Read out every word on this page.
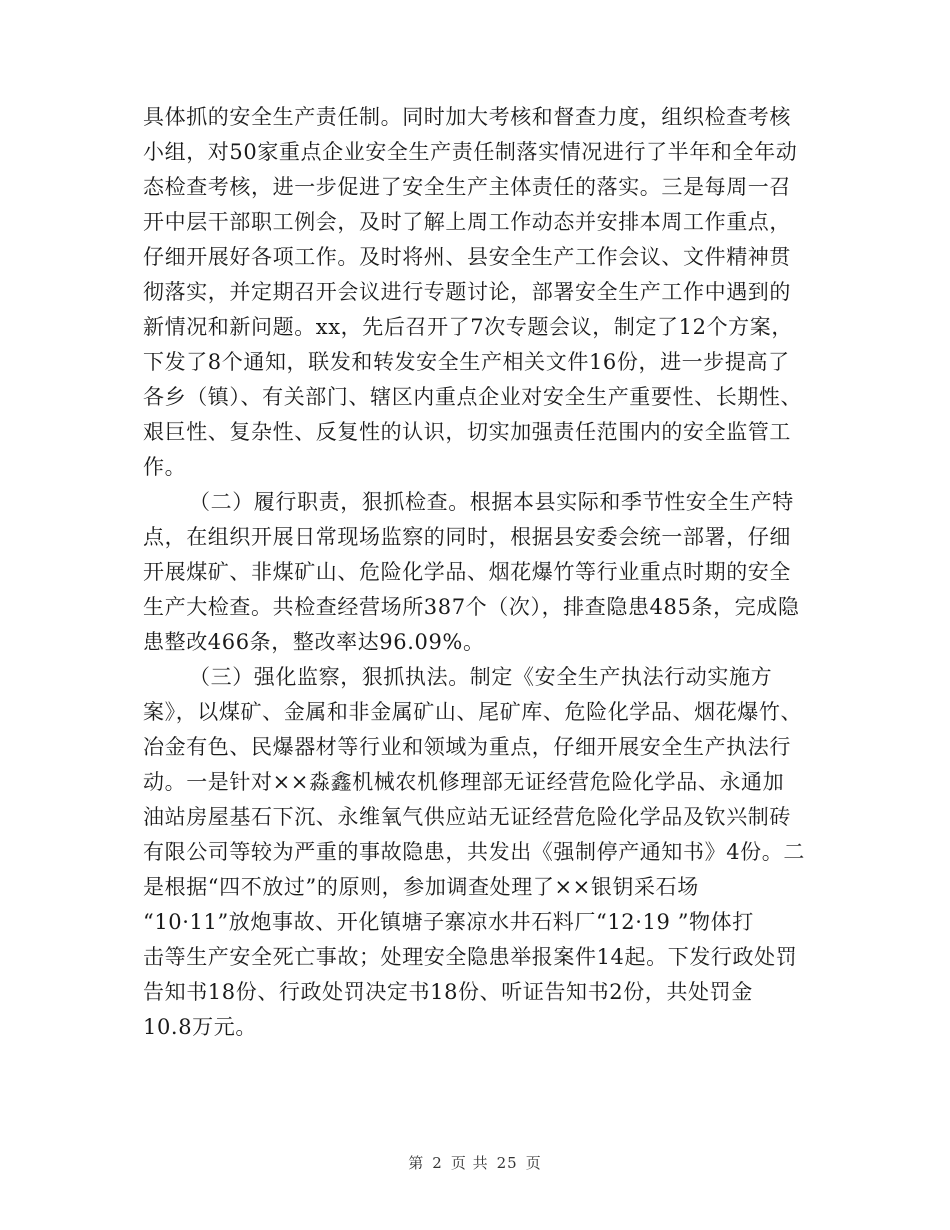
具体抓的安全生产责任制。同时加大考核和督查力度，组织检查考核
小组，对50家重点企业安全生产责任制落实情况进行了半年和全年动
态检查考核，进一步促进了安全生产主体责任的落实。三是每周一召
开中层干部职工例会，及时了解上周工作动态并安排本周工作重点，
仔细开展好各项工作。及时将州、县安全生产工作会议、文件精神贯
彻落实，并定期召开会议进行专题讨论，部署安全生产工作中遇到的
新情况和新问题。xx，先后召开了7次专题会议，制定了12个方案，
下发了8个通知，联发和转发安全生产相关文件16份，进一步提高了
各乡（镇）、有关部门、辖区内重点企业对安全生产重要性、长期性、
艰巨性、复杂性、反复性的认识，切实加强责任范围内的安全监管工
作。

（二）履行职责，狠抓检查。根据本县实际和季节性安全生产特
点，在组织开展日常现场监察的同时，根据县安委会统一部署，仔细
开展煤矿、非煤矿山、危险化学品、烟花爆竹等行业重点时期的安全
生产大检查。共检查经营场所387个（次），排查隐患485条，完成隐
患整改466条，整改率达96.09%。

（三）强化监察，狠抓执法。制定《安全生产执法行动实施方
案》，以煤矿、金属和非金属矿山、尾矿库、危险化学品、烟花爆竹、
冶金有色、民爆器材等行业和领域为重点，仔细开展安全生产执法行
动。一是针对××淼鑫机械农机修理部无证经营危险化学品、永通加
油站房屋基石下沉、永维氧气供应站无证经营危险化学品及钦兴制砖
有限公司等较为严重的事故隐患，共发出《强制停产通知书》4份。二
是根据“四不放过”的原则，参加调查处理了××银钥采石场
“10·11”放炮事故、开化镇塘子寨凉水井石料厂“12·19 ”物体打
击等生产安全死亡事故；处理安全隐患举报案件14起。下发行政处罚
告知书18份、行政处罚决定书18份、听证告知书2份，共处罚金
10.8万元。

第 2 页 共 25 页
